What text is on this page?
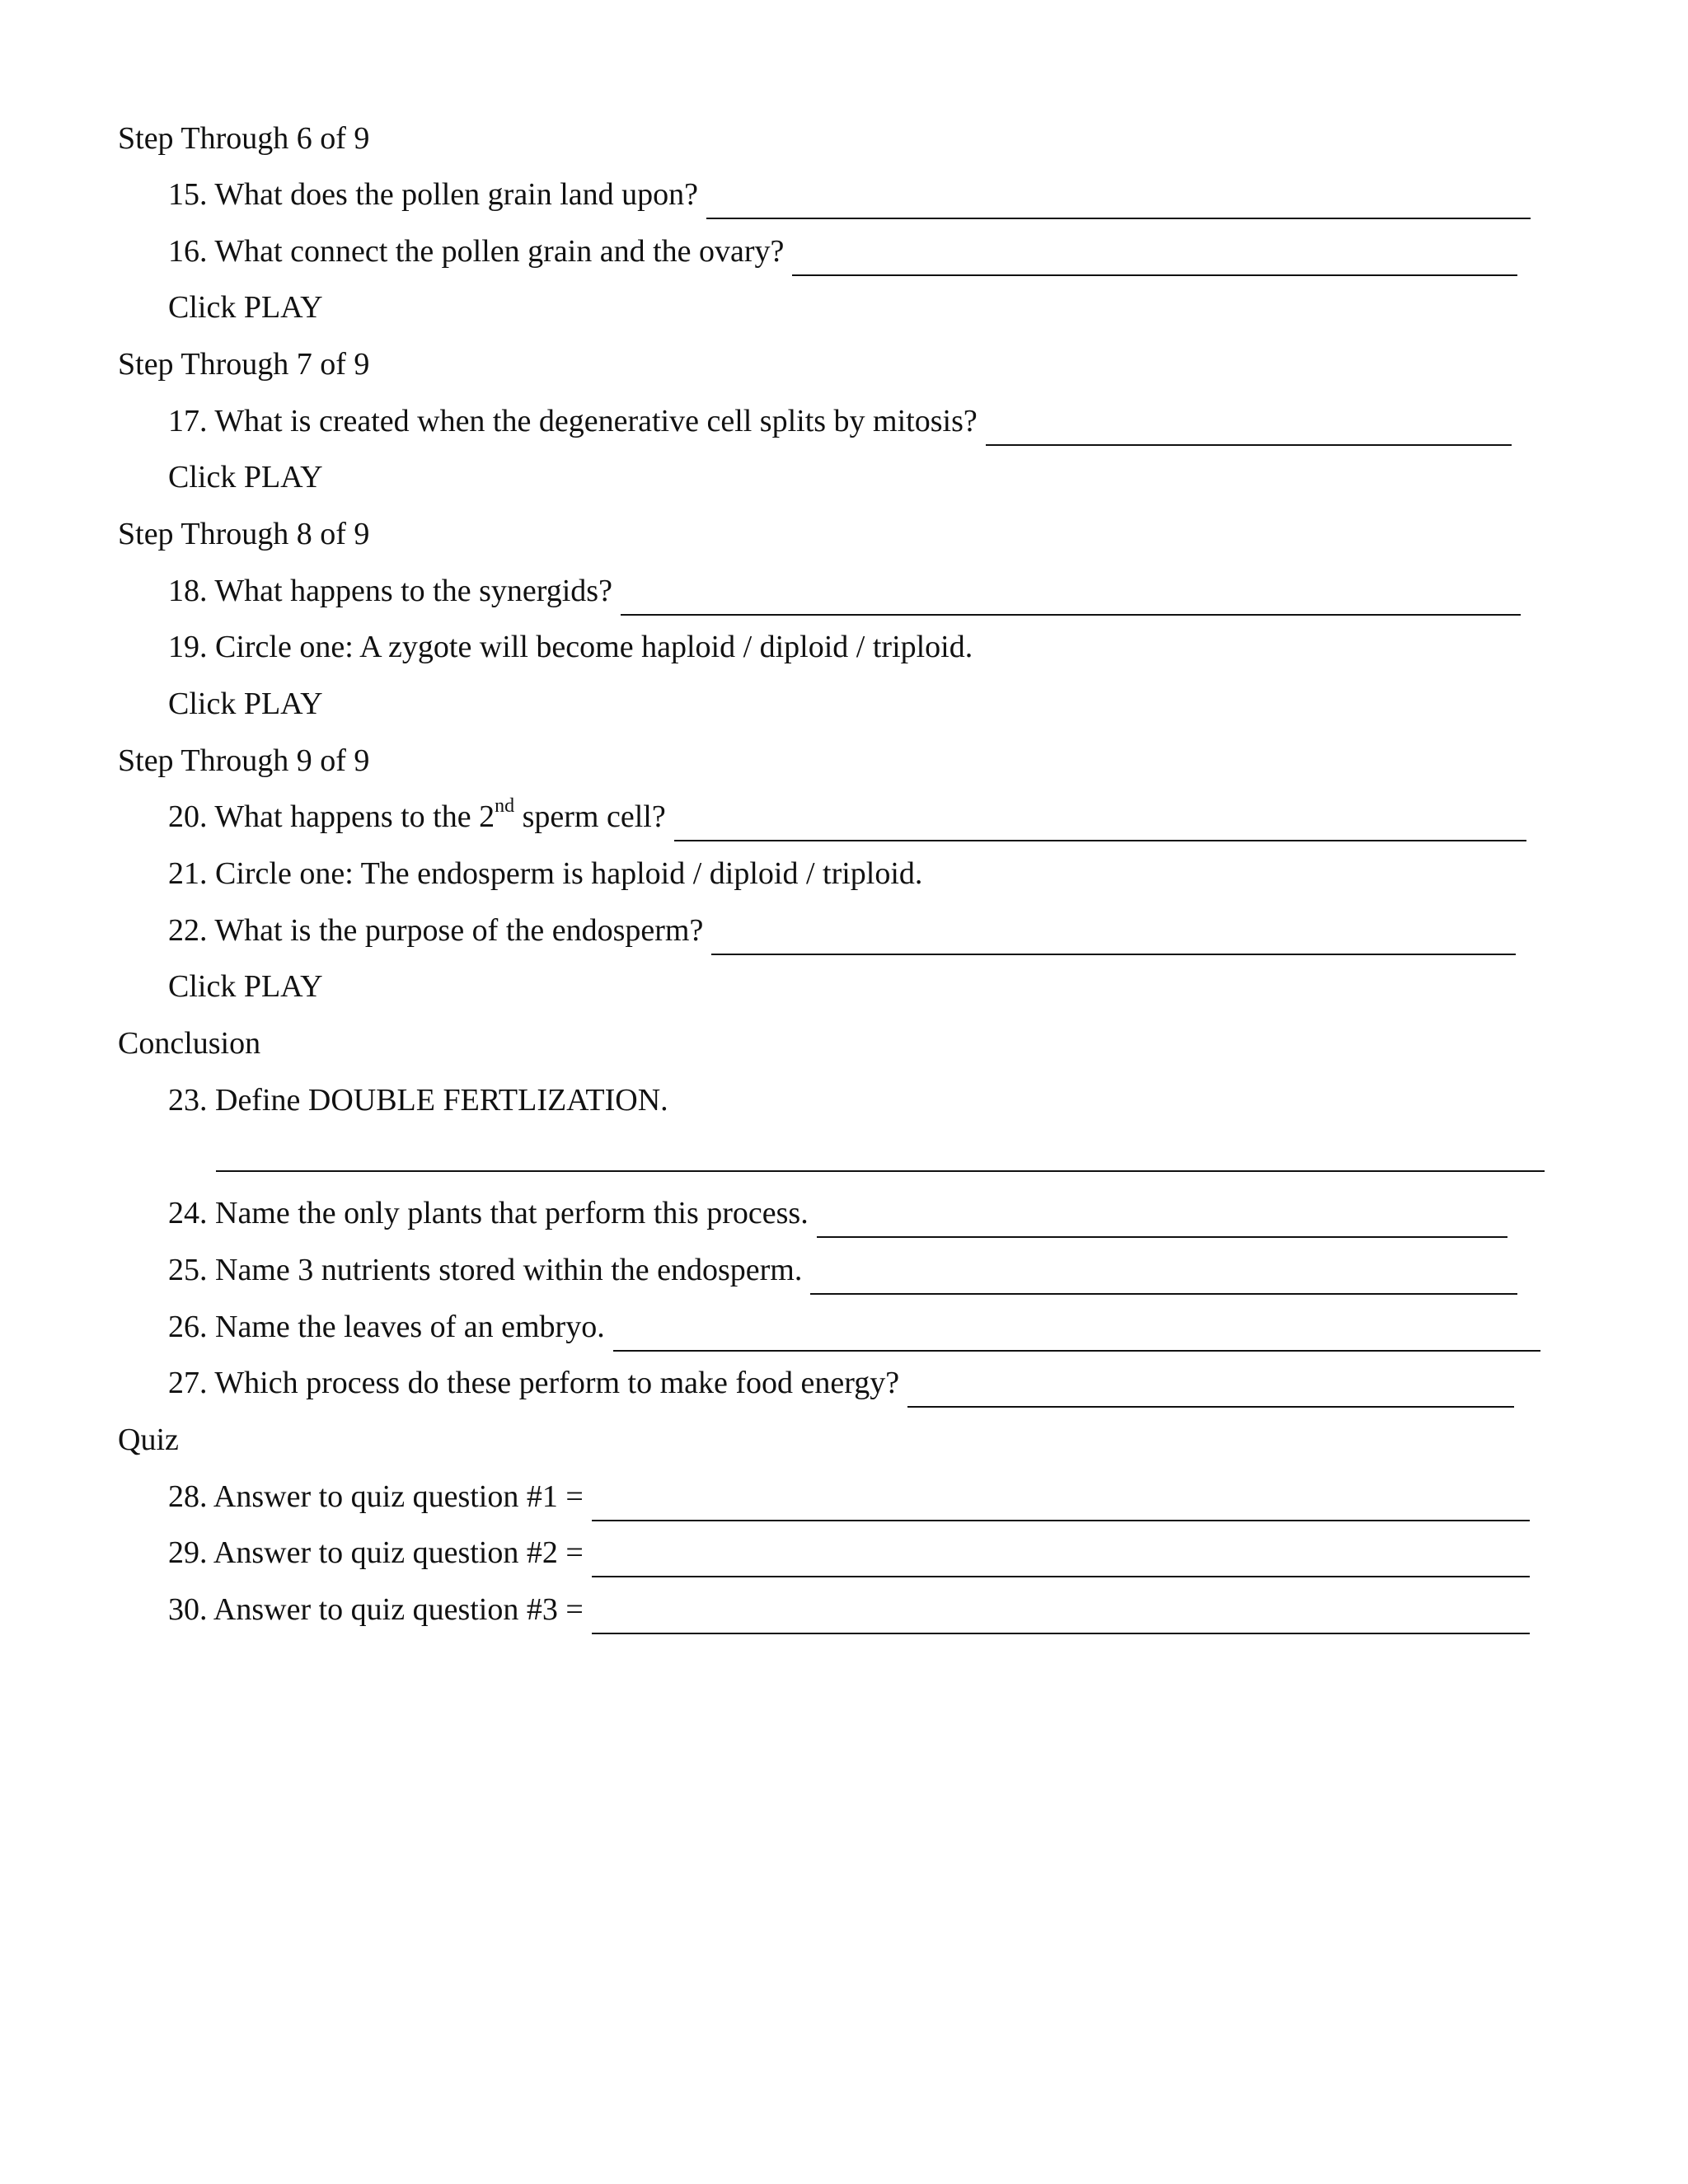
Step Through 6 of 9
15. What does the pollen grain land upon?
16. What connect the pollen grain and the ovary?
Click PLAY
Step Through 7 of 9
17. What is created when the degenerative cell splits by mitosis?
Click PLAY
Step Through 8 of 9
18. What happens to the synergids?
19. Circle one: A zygote will become haploid / diploid / triploid.
Click PLAY
Step Through 9 of 9
20. What happens to the 2nd sperm cell?
21. Circle one: The endosperm is haploid / diploid / triploid.
22. What is the purpose of the endosperm?
Click PLAY
Conclusion
23. Define DOUBLE FERTLIZATION.
24. Name the only plants that perform this process.
25. Name 3 nutrients stored within the endosperm.
26. Name the leaves of an embryo.
27. Which process do these perform to make food energy?
Quiz
28. Answer to quiz question #1 =
29. Answer to quiz question #2 =
30. Answer to quiz question #3 =
